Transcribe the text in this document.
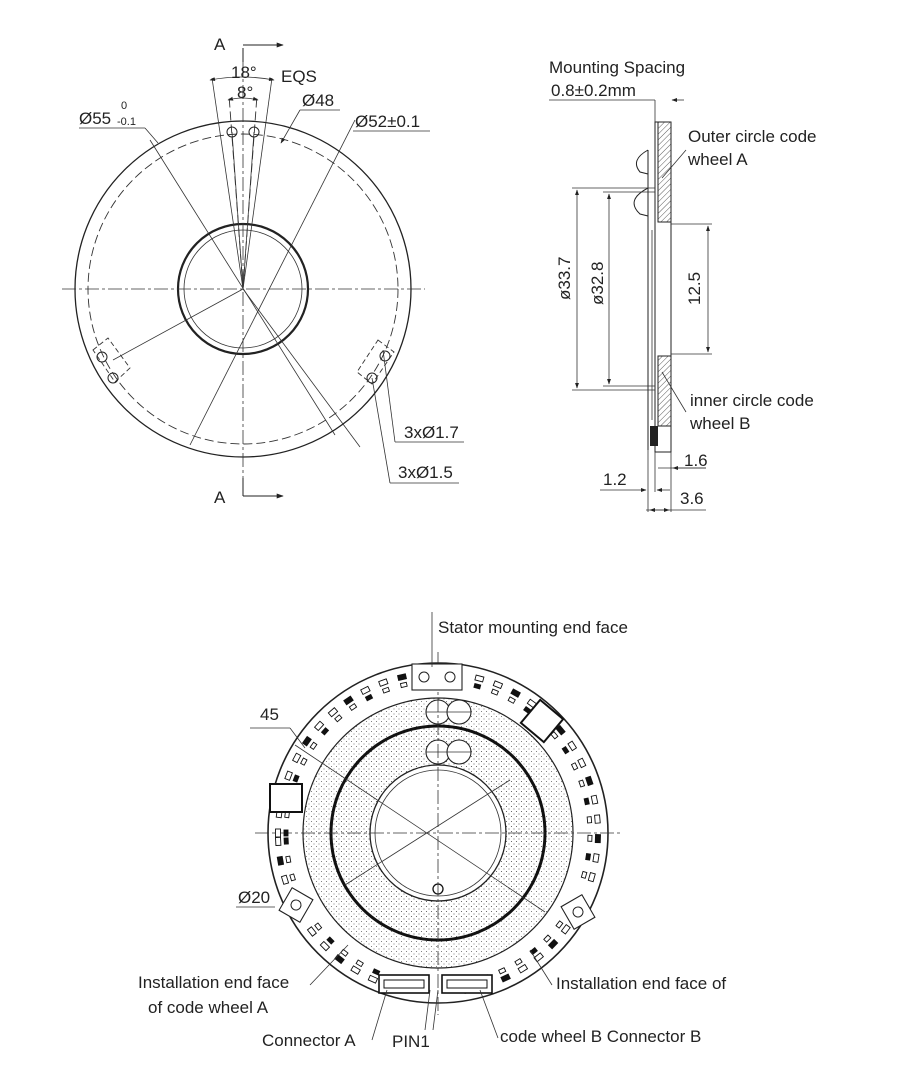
A
A
18°
8°
EQS
Ø55
0
-0.1
Ø48
Ø52±0.1
3xØ1.7
3xØ1.5
Mounting Spacing
0.8±0.2mm
ø33.7 ø32.8	12.5
Outer circle code
wheel A
inner circle code
wheel B
1.6
1.2
3.6
Stator mounting end face
45
Ø20
Installation end face
of code wheel A
Installation end face of
Connector A PIN1	code wheel B Connector B
